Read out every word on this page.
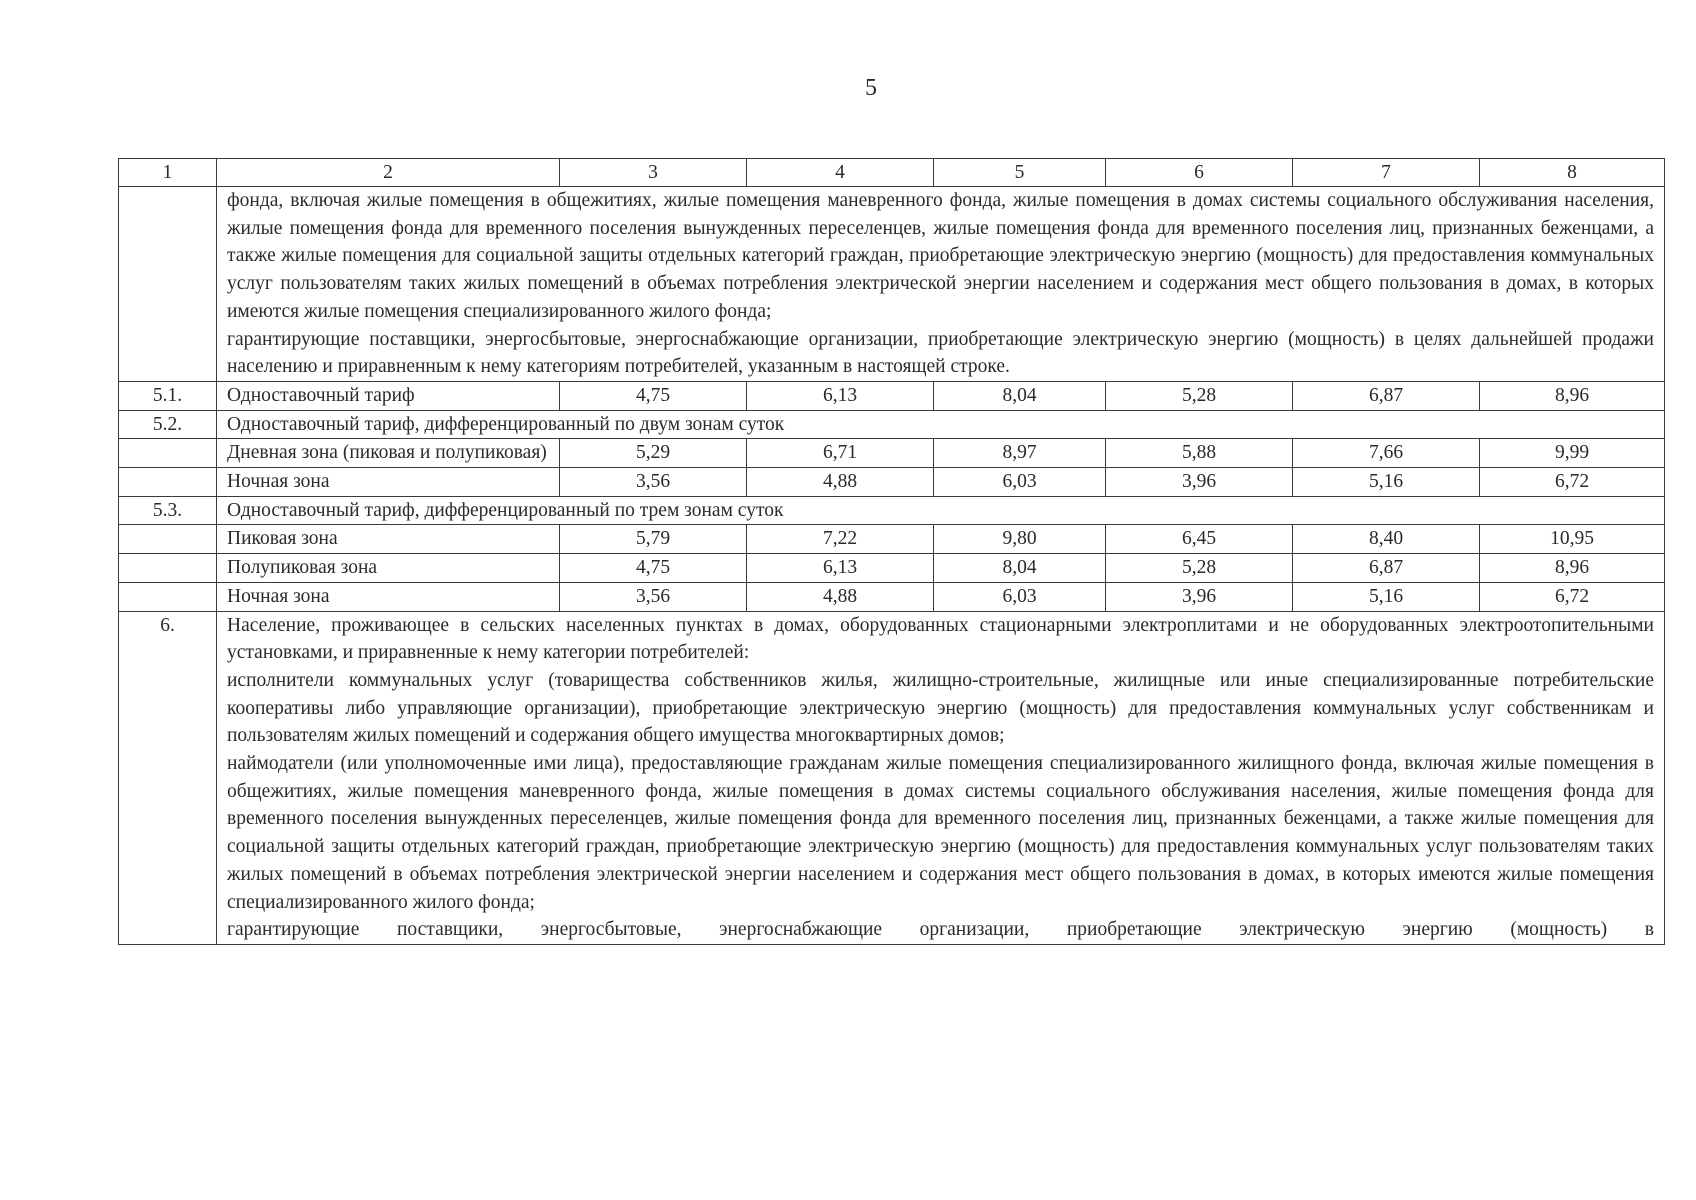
5
1	2	3	4	5	6	7	8

	фонда, включая жилые помещения в общежитиях, жилые помещения маневренного фонда, жилые помещения в домах системы социального обслуживания населения, жилые помещения фонда для временного поселения вынужденных переселенцев, жилые помещения фонда для временного поселения лиц, признанных беженцами, а также жилые помещения для социальной защиты отдельных категорий граждан, приобретающие электрическую энергию (мощность) для предоставления коммунальных услуг пользователям таких жилых помещений в объемах потребления электрической энергии населением и содержания мест общего пользования в домах, в которых имеются жилые помещения специализированного жилого фонда;
гарантирующие поставщики, энергосбытовые, энергоснабжающие организации, приобретающие электрическую энергию (мощность) в целях дальнейшей продажи населению и приравненным к нему категориям потребителей, указанным в настоящей строке.						

5.1.	Одноставочный тариф	4,75	6,13	8,04	5,28	6,87	8,96
5.2.	Одноставочный тариф, дифференцированный по двум зонам суток						
	Дневная зона (пиковая и полупиковая)	5,29	6,71	8,97	5,88	7,66	9,99
	Ночная зона	3,56	4,88	6,03	3,96	5,16	6,72
5.3.	Одноставочный тариф, дифференцированный по трем зонам суток						
	Пиковая зона	5,79	7,22	9,80	6,45	8,40	10,95
	Полупиковая зона	4,75	6,13	8,04	5,28	6,87	8,96
	Ночная зона	3,56	4,88	6,03	3,96	5,16	6,72
6.	Население, проживающее в сельских населенных пунктах в домах, оборудованных стационарными электроплитами и не оборудованных электроотопительными установками, и приравненные к нему категории потребителей:
исполнители коммунальных услуг (товарищества собственников жилья, жилищно-строительные, жилищные или иные специализированные потребительские кооперативы либо управляющие организации), приобретающие электрическую энергию (мощность) для предоставления коммунальных услуг собственникам и пользователям жилых помещений и содержания общего имущества многоквартирных домов;
наймодатели (или уполномоченные ими лица), предоставляющие гражданам жилые помещения специализированного жилищного фонда, включая жилые помещения в общежитиях, жилые помещения маневренного фонда, жилые помещения в домах системы социального обслуживания населения, жилые помещения фонда для временного поселения вынужденных переселенцев, жилые помещения фонда для временного поселения лиц, признанных беженцами, а также жилые помещения для социальной защиты отдельных категорий граждан, приобретающие электрическую энергию (мощность) для предоставления коммунальных услуг пользователям таких жилых помещений в объемах потребления электрической энергии населением и содержания мест общего пользования в домах, в которых имеются жилые помещения специализированного жилого фонда;
гарантирующие поставщики, энергосбытовые, энергоснабжающие организации, приобретающие электрическую энергию (мощность) в						
